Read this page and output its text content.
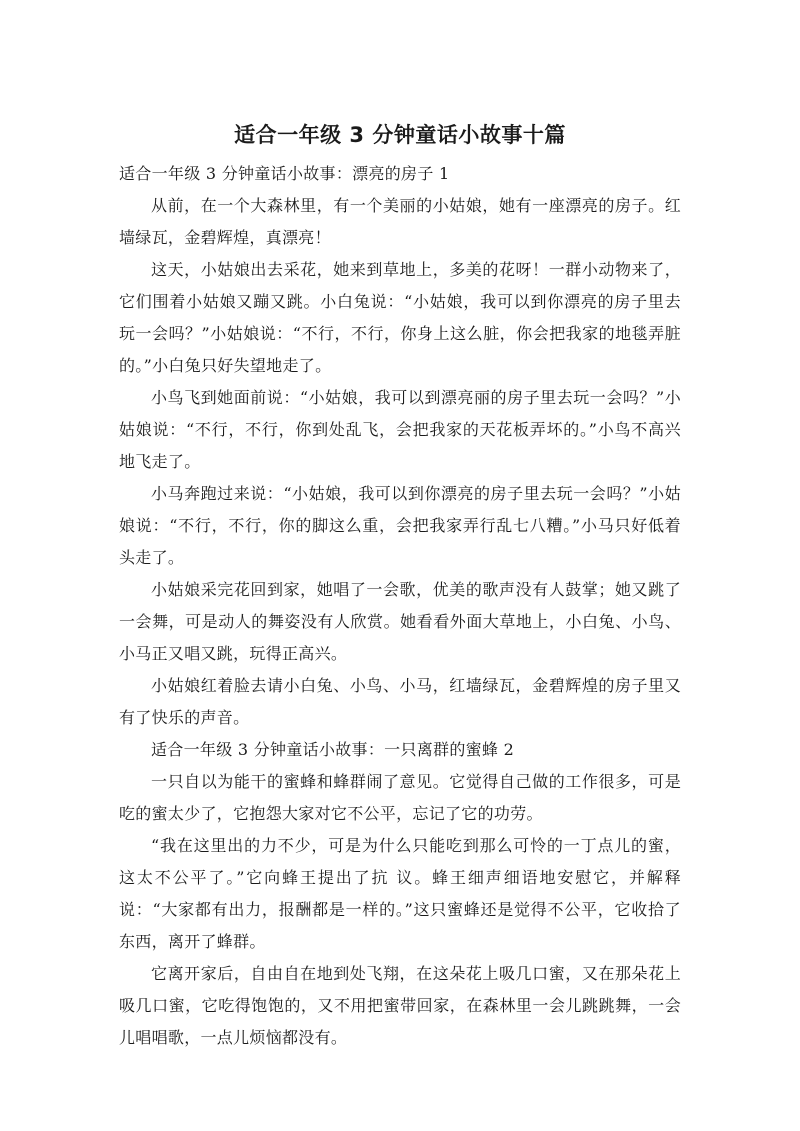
适合一年级 3 分钟童话小故事十篇

适合一年级 3 分钟童话小故事：漂亮的房子 1

从前，在一个大森林里，有一个美丽的小姑娘，她有一座漂亮的房子。红墙绿瓦，金碧辉煌，真漂亮！

这天，小姑娘出去采花，她来到草地上，多美的花呀！一群小动物来了，它们围着小姑娘又蹦又跳。小白兔说：“小姑娘，我可以到你漂亮的房子里去玩一会吗？”小姑娘说：“不行，不行，你身上这么脏，你会把我家的地毯弄脏的。”小白兔只好失望地走了。

小鸟飞到她面前说：“小姑娘，我可以到漂亮丽的房子里去玩一会吗？”小姑娘说：“不行，不行，你到处乱飞，会把我家的天花板弄坏的。”小鸟不高兴地飞走了。

小马奔跑过来说：“小姑娘，我可以到你漂亮的房子里去玩一会吗？”小姑娘说：“不行，不行，你的脚这么重，会把我家弄行乱七八糟。”小马只好低着头走了。

小姑娘采完花回到家，她唱了一会歌，优美的歌声没有人鼓掌；她又跳了一会舞，可是动人的舞姿没有人欣赏。她看看外面大草地上，小白兔、小鸟、小马正又唱又跳，玩得正高兴。

小姑娘红着脸去请小白兔、小鸟、小马，红墙绿瓦，金碧辉煌的房子里又有了快乐的声音。

适合一年级 3 分钟童话小故事：一只离群的蜜蜂 2

一只自以为能干的蜜蜂和蜂群闹了意见。它觉得自己做的工作很多，可是吃的蜜太少了，它抱怨大家对它不公平，忘记了它的功劳。

“我在这里出的力不少，可是为什么只能吃到那么可怜的一丁点儿的蜜，这太不公平了。”它向蜂王提出了抗 议。蜂王细声细语地安慰它，并解释说：“大家都有出力，报酬都是一样的。”这只蜜蜂还是觉得不公平，它收拾了东西，离开了蜂群。

它离开家后，自由自在地到处飞翔，在这朵花上吸几口蜜，又在那朵花上吸几口蜜，它吃得饱饱的，又不用把蜜带回家，在森林里一会儿跳跳舞，一会儿唱唱歌，一点儿烦恼都没有。
